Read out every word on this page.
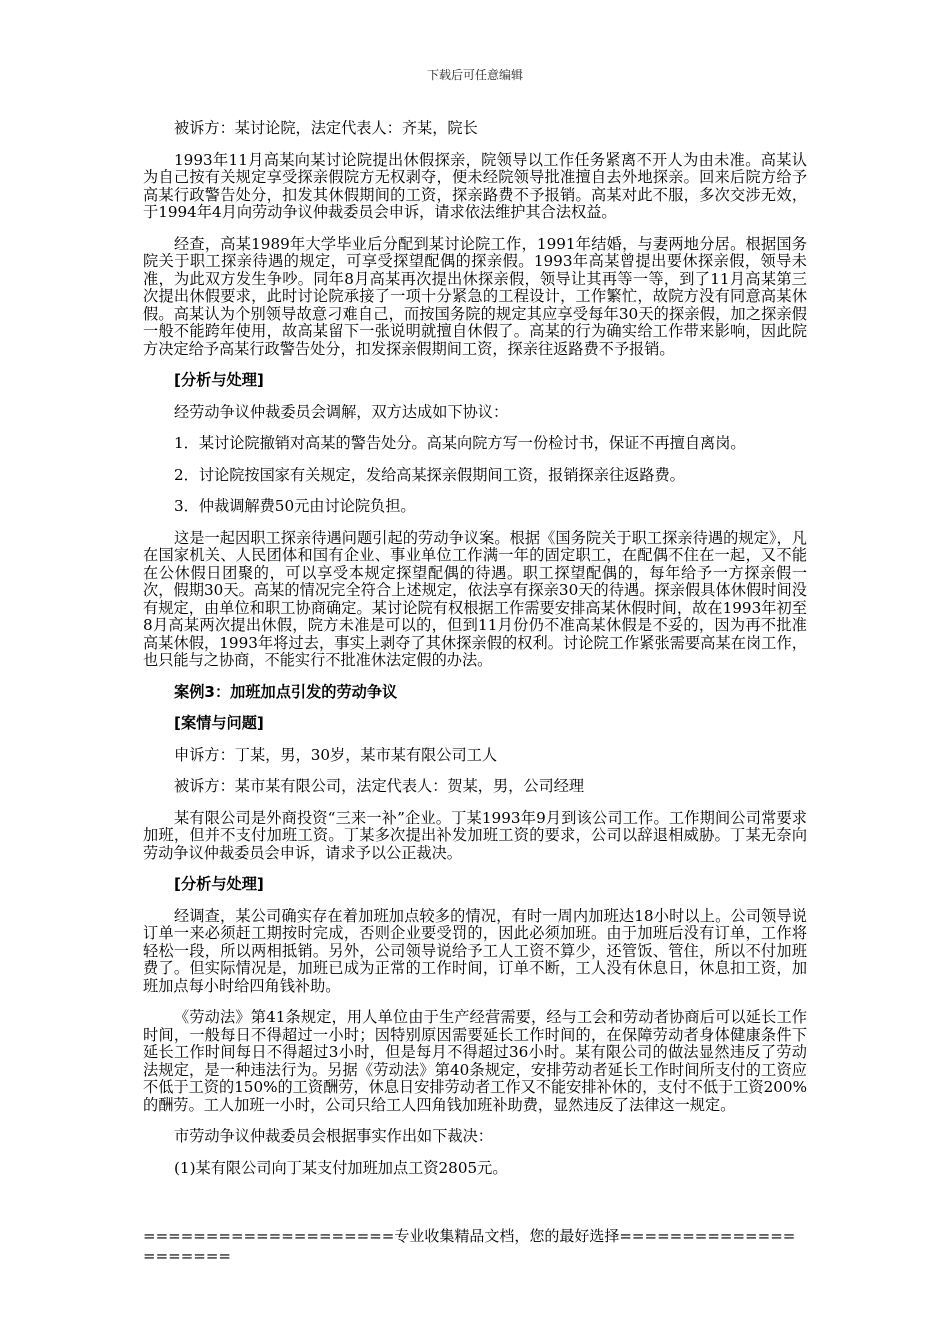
下载后可任意编辑

被诉方：某讨论院，法定代表人：齐某，院长

1993年11月高某向某讨论院提出休假探亲，院领导以工作任务紧离不开人为由未准。高某认为自己按有关规定享受探亲假院方无权剥夺，便未经院领导批准擅自去外地探亲。回来后院方给予高某行政警告处分，扣发其休假期间的工资，探亲路费不予报销。高某对此不服，多次交涉无效，于1994年4月向劳动争议仲裁委员会申诉，请求依法维护其合法权益。

经查，高某1989年大学毕业后分配到某讨论院工作，1991年结婚，与妻两地分居。根据国务院关于职工探亲待遇的规定，可享受探望配偶的探亲假。1993年高某曾提出要休探亲假，领导未准，为此双方发生争吵。同年8月高某再次提出休探亲假，领导让其再等一等，到了11月高某第三次提出休假要求，此时讨论院承接了一项十分紧急的工程设计，工作繁忙，故院方没有同意高某休假。高某认为个别领导故意刁难自己，而按国务院的规定其应享受每年30天的探亲假，加之探亲假一般不能跨年使用，故高某留下一张说明就擅自休假了。高某的行为确实给工作带来影响，因此院方决定给予高某行政警告处分，扣发探亲假期间工资，探亲往返路费不予报销。

[分析与处理]

经劳动争议仲裁委员会调解，双方达成如下协议：

1．某讨论院撤销对高某的警告处分。高某向院方写一份检讨书，保证不再擅自离岗。

2．讨论院按国家有关规定，发给高某探亲假期间工资，报销探亲往返路费。

3．仲裁调解费50元由讨论院负担。

这是一起因职工探亲待遇问题引起的劳动争议案。根据《国务院关于职工探亲待遇的规定》，凡在国家机关、人民团体和国有企业、事业单位工作满一年的固定职工，在配偶不住在一起，又不能在公休假日团聚的，可以享受本规定探望配偶的待遇。职工探望配偶的，每年给予一方探亲假一次，假期30天。高某的情况完全符合上述规定，依法享有探亲30天的待遇。探亲假具体休假时间没有规定，由单位和职工协商确定。某讨论院有权根据工作需要安排高某休假时间，故在1993年初至8月高某两次提出休假，院方未准是可以的，但到11月份仍不准高某休假是不妥的，因为再不批准高某休假，1993年将过去，事实上剥夺了其休探亲假的权利。讨论院工作紧张需要高某在岗工作，也只能与之协商，不能实行不批准休法定假的办法。

案例3：加班加点引发的劳动争议

[案情与问题]

申诉方：丁某，男，30岁，某市某有限公司工人

被诉方：某市某有限公司，法定代表人：贺某，男，公司经理

某有限公司是外商投资“三来一补”企业。丁某1993年9月到该公司工作。工作期间公司常要求加班，但并不支付加班工资。丁某多次提出补发加班工资的要求，公司以辞退相威胁。丁某无奈向劳动争议仲裁委员会申诉，请求予以公正裁决。

[分析与处理]

经调查，某公司确实存在着加班加点较多的情况，有时一周内加班达18小时以上。公司领导说订单一来必须赶工期按时完成，否则企业要受罚的，因此必须加班。由于加班后没有订单，工作将轻松一段，所以两相抵销。另外，公司领导说给予工人工资不算少，还管饭、管住，所以不付加班费了。但实际情况是，加班已成为正常的工作时间，订单不断，工人没有休息日，休息扣工资，加班加点每小时给四角钱补助。

《劳动法》第41条规定，用人单位由于生产经营需要，经与工会和劳动者协商后可以延长工作时间，一般每日不得超过一小时；因特别原因需要延长工作时间的，在保障劳动者身体健康条件下延长工作时间每日不得超过3小时，但是每月不得超过36小时。某有限公司的做法显然违反了劳动法规定，是一种违法行为。另据《劳动法》第40条规定，安排劳动者延长工作时间所支付的工资应不低于工资的150%的工资酬劳，休息日安排劳动者工作又不能安排补休的，支付不低于工资200%的酬劳。工人加班一小时，公司只给工人四角钱加班补助费，显然违反了法律这一规定。

市劳动争议仲裁委员会根据事实作出如下裁决：

(1)某有限公司向丁某支付加班加点工资2805元。

====================专业收集精品文档，您的最好选择=====================
